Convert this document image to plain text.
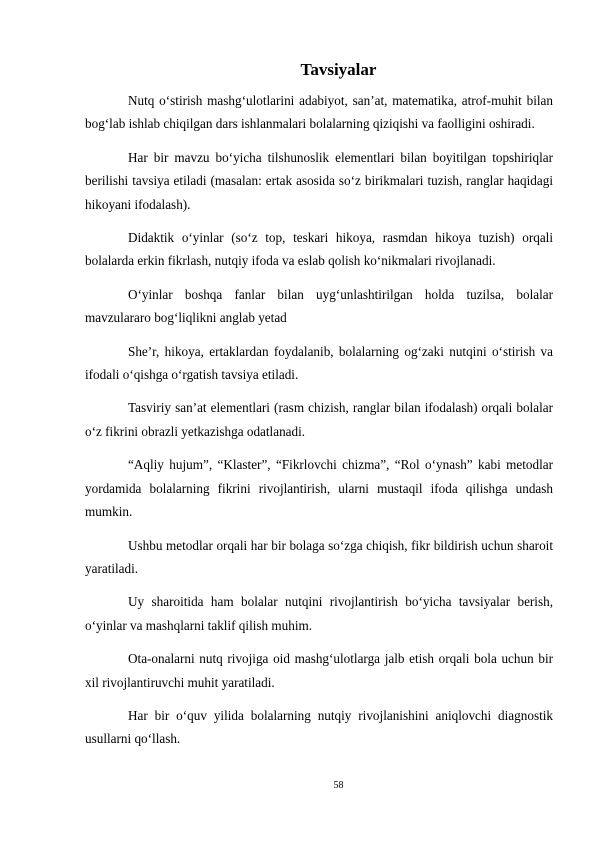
Tavsiyalar

Nutq o‘stirish mashg‘ulotlarini adabiyot, san’at, matematika, atrof-muhit bilan bog‘lab ishlab chiqilgan dars ishlanmalari bolalarning qiziqishi va faolligini oshiradi.

Har bir mavzu bo‘yicha tilshunoslik elementlari bilan boyitilgan topshiriqlar berilishi tavsiya etiladi (masalan: ertak asosida so‘z birikmalari tuzish, ranglar haqidagi hikoyani ifodalash).

Didaktik o‘yinlar (so‘z top, teskari hikoya, rasmdan hikoya tuzish) orqali bolalarda erkin fikrlash, nutqiy ifoda va eslab qolish ko‘nikmalari rivojlanadi.

O‘yinlar boshqa fanlar bilan uyg‘unlashtirilgan holda tuzilsa, bolalar mavzulararo bog‘liqlikni anglab yetad

She’r, hikoya, ertaklardan foydalanib, bolalarning og‘zaki nutqini o‘stirish va ifodali o‘qishga o‘rgatish tavsiya etiladi.

Tasviriy san’at elementlari (rasm chizish, ranglar bilan ifodalash) orqali bolalar o‘z fikrini obrazli yetkazishga odatlanadi.

“Aqliy hujum”, “Klaster”, “Fikrlovchi chizma”, “Rol o‘ynash” kabi metodlar yordamida bolalarning fikrini rivojlantirish, ularni mustaqil ifoda qilishga undash mumkin.

Ushbu metodlar orqali har bir bolaga so‘zga chiqish, fikr bildirish uchun sharoit yaratiladi.

Uy sharoitida ham bolalar nutqini rivojlantirish bo‘yicha tavsiyalar berish, o‘yinlar va mashqlarni taklif qilish muhim.

Ota-onalarni nutq rivojiga oid mashg‘ulotlarga jalb etish orqali bola uchun bir xil rivojlantiruvchi muhit yaratiladi.

Har bir o‘quv yilida bolalarning nutqiy rivojlanishini aniqlovchi diagnostik usullarni qo‘llash.

58
